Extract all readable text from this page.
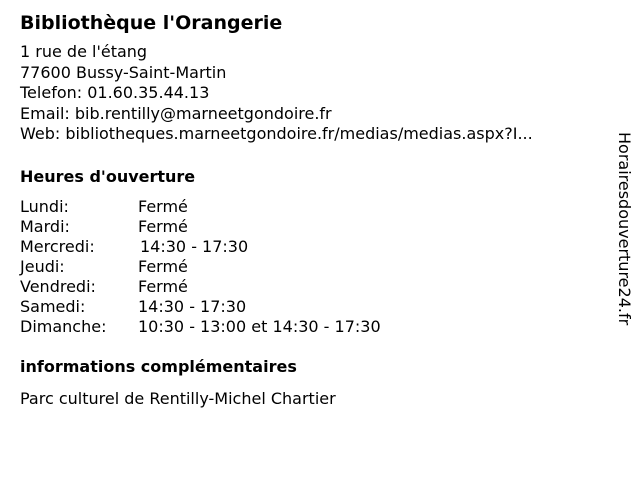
Bibliothèque l'Orangerie
1 rue de l'étang
77600 Bussy-Saint-Martin
Telefon: 01.60.35.44.13
Email: bib.rentilly@marneetgondoire.fr
Web: bibliotheques.marneetgondoire.fr/medias/medias.aspx?I...
Heures d'ouverture
Lundi:	Fermé
Mardi:	Fermé
Mercredi:	14:30 - 17:30
Jeudi:	Fermé
Vendredi:	Fermé
Samedi:	14:30 - 17:30
Dimanche: 10:30 - 13:00 et 14:30 - 17:30
informations complémentaires
Parc culturel de Rentilly-Michel Chartier
Horairesdouverture24.fr
